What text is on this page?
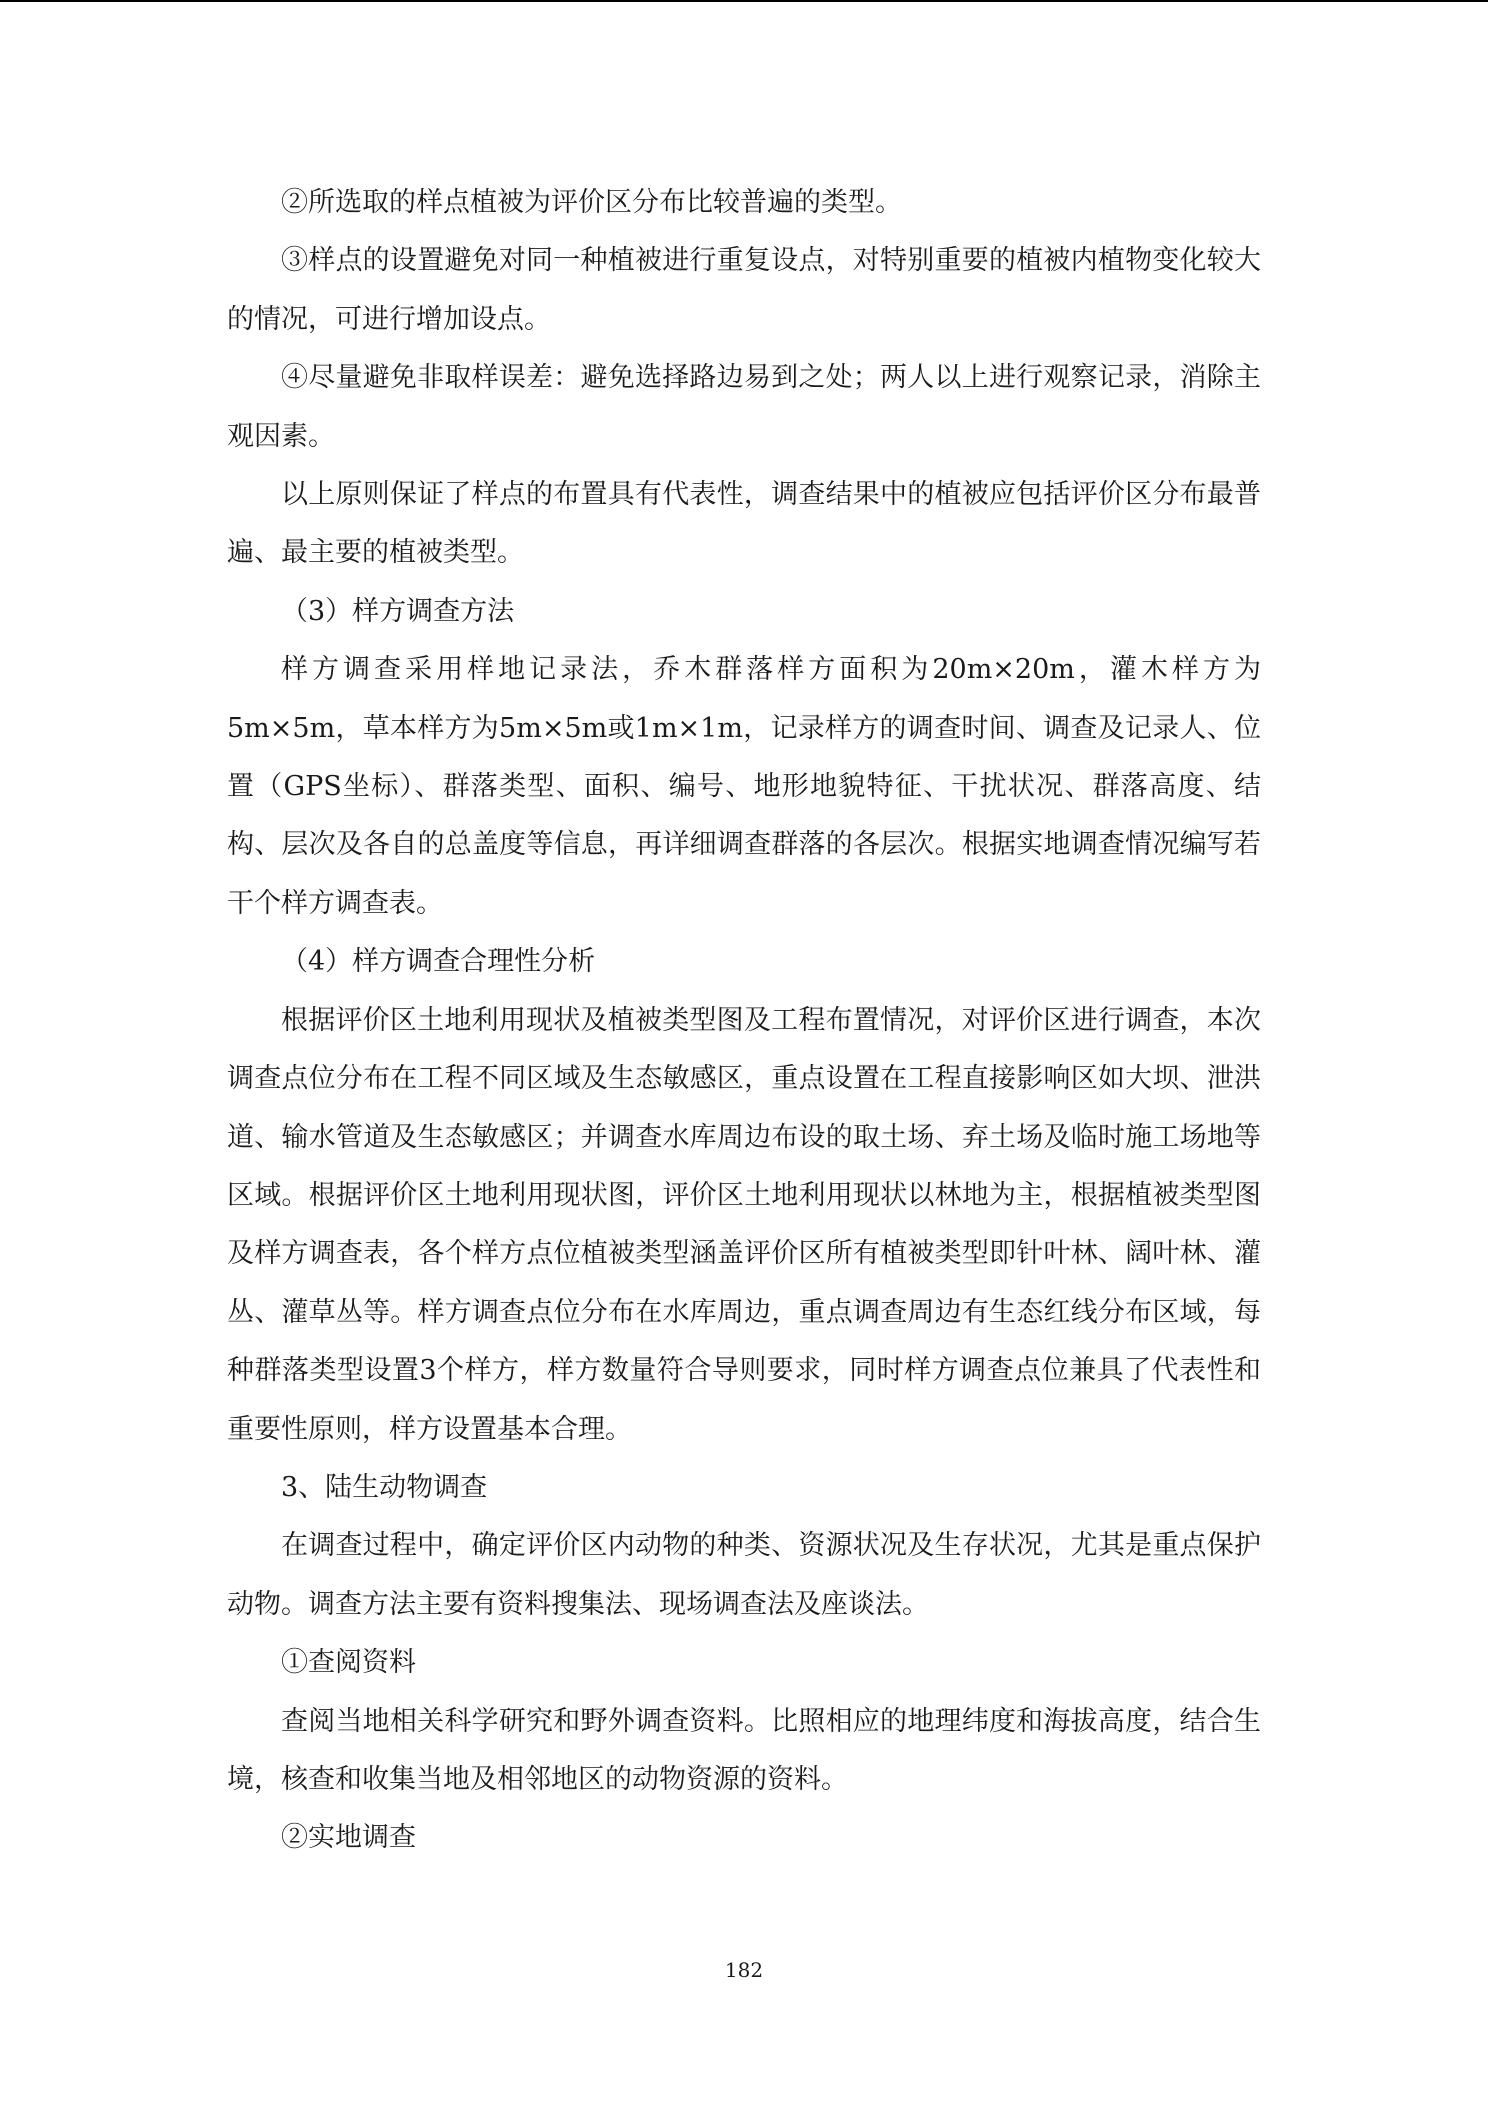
②所选取的样点植被为评价区分布比较普遍的类型。

③样点的设置避免对同一种植被进行重复设点，对特别重要的植被内植物变化较大的情况，可进行增加设点。

④尽量避免非取样误差：避免选择路边易到之处；两人以上进行观察记录，消除主观因素。

以上原则保证了样点的布置具有代表性，调查结果中的植被应包括评价区分布最普遍、最主要的植被类型。

（3）样方调查方法

样方调查采用样地记录法，乔木群落样方面积为20m×20m，灌木样方为5m×5m，草本样方为5m×5m或1m×1m，记录样方的调查时间、调查及记录人、位置（GPS坐标）、群落类型、面积、编号、地形地貌特征、干扰状况、群落高度、结构、层次及各自的总盖度等信息，再详细调查群落的各层次。根据实地调查情况编写若干个样方调查表。

（4）样方调查合理性分析

根据评价区土地利用现状及植被类型图及工程布置情况，对评价区进行调查，本次调查点位分布在工程不同区域及生态敏感区，重点设置在工程直接影响区如大坝、泄洪道、输水管道及生态敏感区；并调查水库周边布设的取土场、弃土场及临时施工场地等区域。根据评价区土地利用现状图，评价区土地利用现状以林地为主，根据植被类型图及样方调查表，各个样方点位植被类型涵盖评价区所有植被类型即针叶林、阔叶林、灌丛、灌草丛等。样方调查点位分布在水库周边，重点调查周边有生态红线分布区域，每种群落类型设置3个样方，样方数量符合导则要求，同时样方调查点位兼具了代表性和重要性原则，样方设置基本合理。

3、陆生动物调查

在调查过程中，确定评价区内动物的种类、资源状况及生存状况，尤其是重点保护动物。调查方法主要有资料搜集法、现场调查法及座谈法。

①查阅资料

查阅当地相关科学研究和野外调查资料。比照相应的地理纬度和海拔高度，结合生境，核查和收集当地及相邻地区的动物资源的资料。

②实地调查

182
